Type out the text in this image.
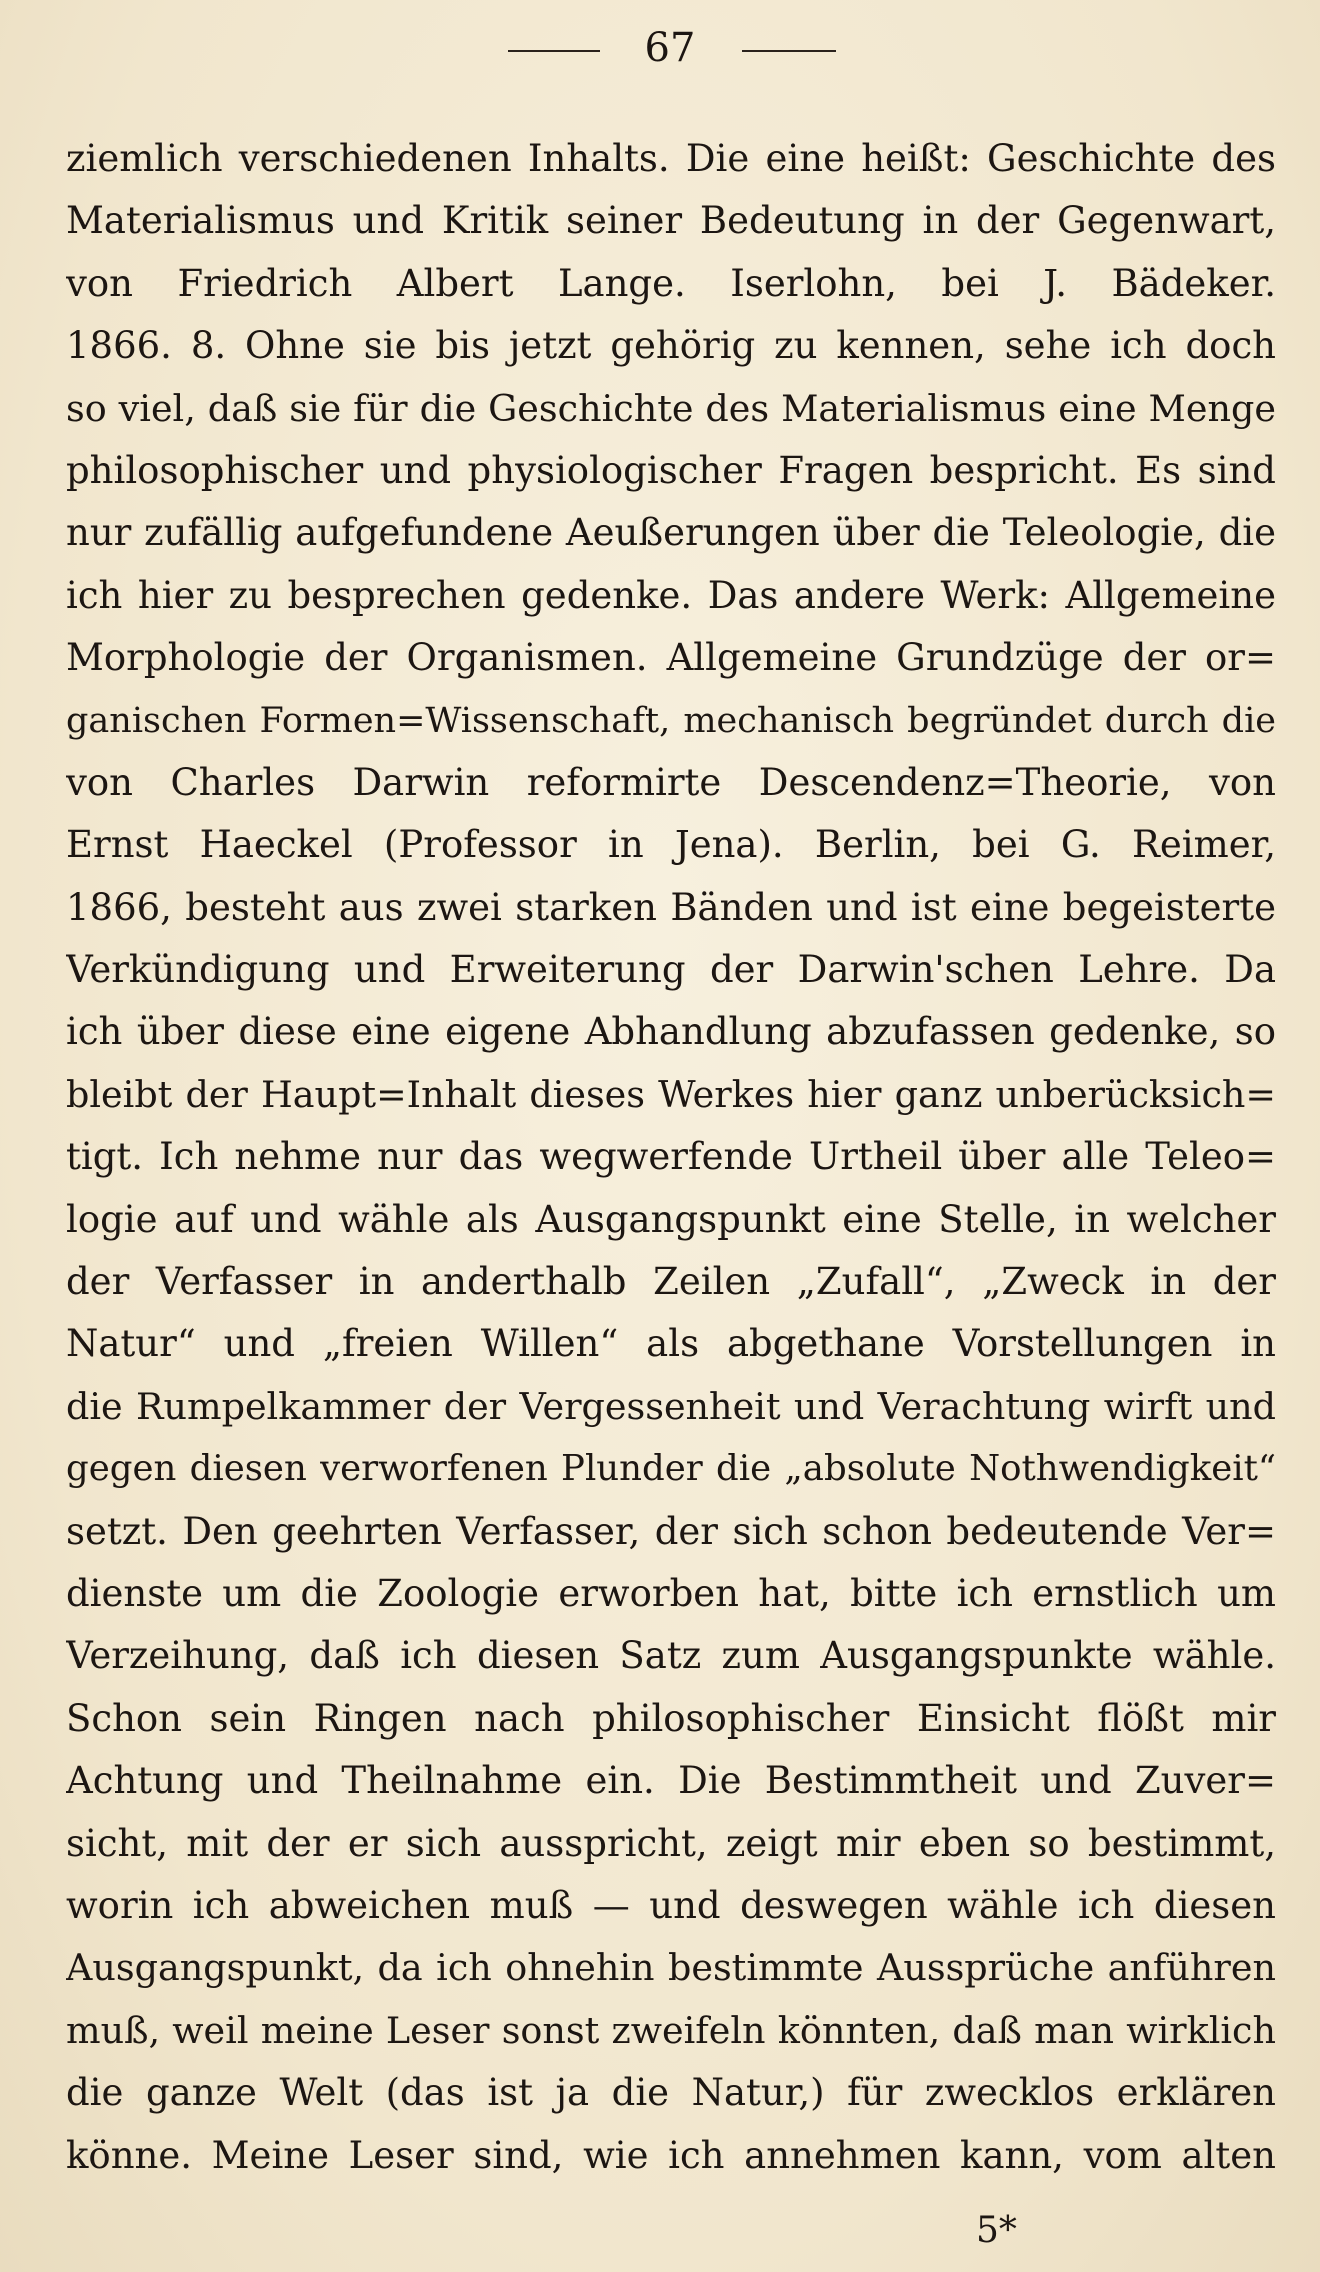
67
ziemlich verschiedenen Inhalts. Die eine heißt: Geschichte des
Materialismus und Kritik seiner Bedeutung in der Gegenwart,
von Friedrich Albert Lange. Iserlohn, bei J. Bädeker.
1866. 8. Ohne sie bis jetzt gehörig zu kennen, sehe ich doch
so viel, daß sie für die Geschichte des Materialismus eine Menge
philosophischer und physiologischer Fragen bespricht. Es sind
nur zufällig aufgefundene Aeußerungen über die Teleologie, die
ich hier zu besprechen gedenke. Das andere Werk: Allgemeine
Morphologie der Organismen. Allgemeine Grundzüge der or=
ganischen Formen=Wissenschaft, mechanisch begründet durch die
von Charles Darwin reformirte Descendenz=Theorie, von
Ernst Haeckel (Professor in Jena). Berlin, bei G. Reimer,
1866, besteht aus zwei starken Bänden und ist eine begeisterte
Verkündigung und Erweiterung der Darwin'schen Lehre. Da
ich über diese eine eigene Abhandlung abzufassen gedenke, so
bleibt der Haupt=Inhalt dieses Werkes hier ganz unberücksich=
tigt. Ich nehme nur das wegwerfende Urtheil über alle Teleo=
logie auf und wähle als Ausgangspunkt eine Stelle, in welcher
der Verfasser in anderthalb Zeilen „Zufall“, „Zweck in der
Natur“ und „freien Willen“ als abgethane Vorstellungen in
die Rumpelkammer der Vergessenheit und Verachtung wirft und
gegen diesen verworfenen Plunder die „absolute Nothwendigkeit“
setzt. Den geehrten Verfasser, der sich schon bedeutende Ver=
dienste um die Zoologie erworben hat, bitte ich ernstlich um
Verzeihung, daß ich diesen Satz zum Ausgangspunkte wähle.
Schon sein Ringen nach philosophischer Einsicht flößt mir
Achtung und Theilnahme ein. Die Bestimmtheit und Zuver=
sicht, mit der er sich ausspricht, zeigt mir eben so bestimmt,
worin ich abweichen muß — und deswegen wähle ich diesen
Ausgangspunkt, da ich ohnehin bestimmte Aussprüche anführen
muß, weil meine Leser sonst zweifeln könnten, daß man wirklich
die ganze Welt (das ist ja die Natur,) für zwecklos erklären
könne. Meine Leser sind, wie ich annehmen kann, vom alten
5*
